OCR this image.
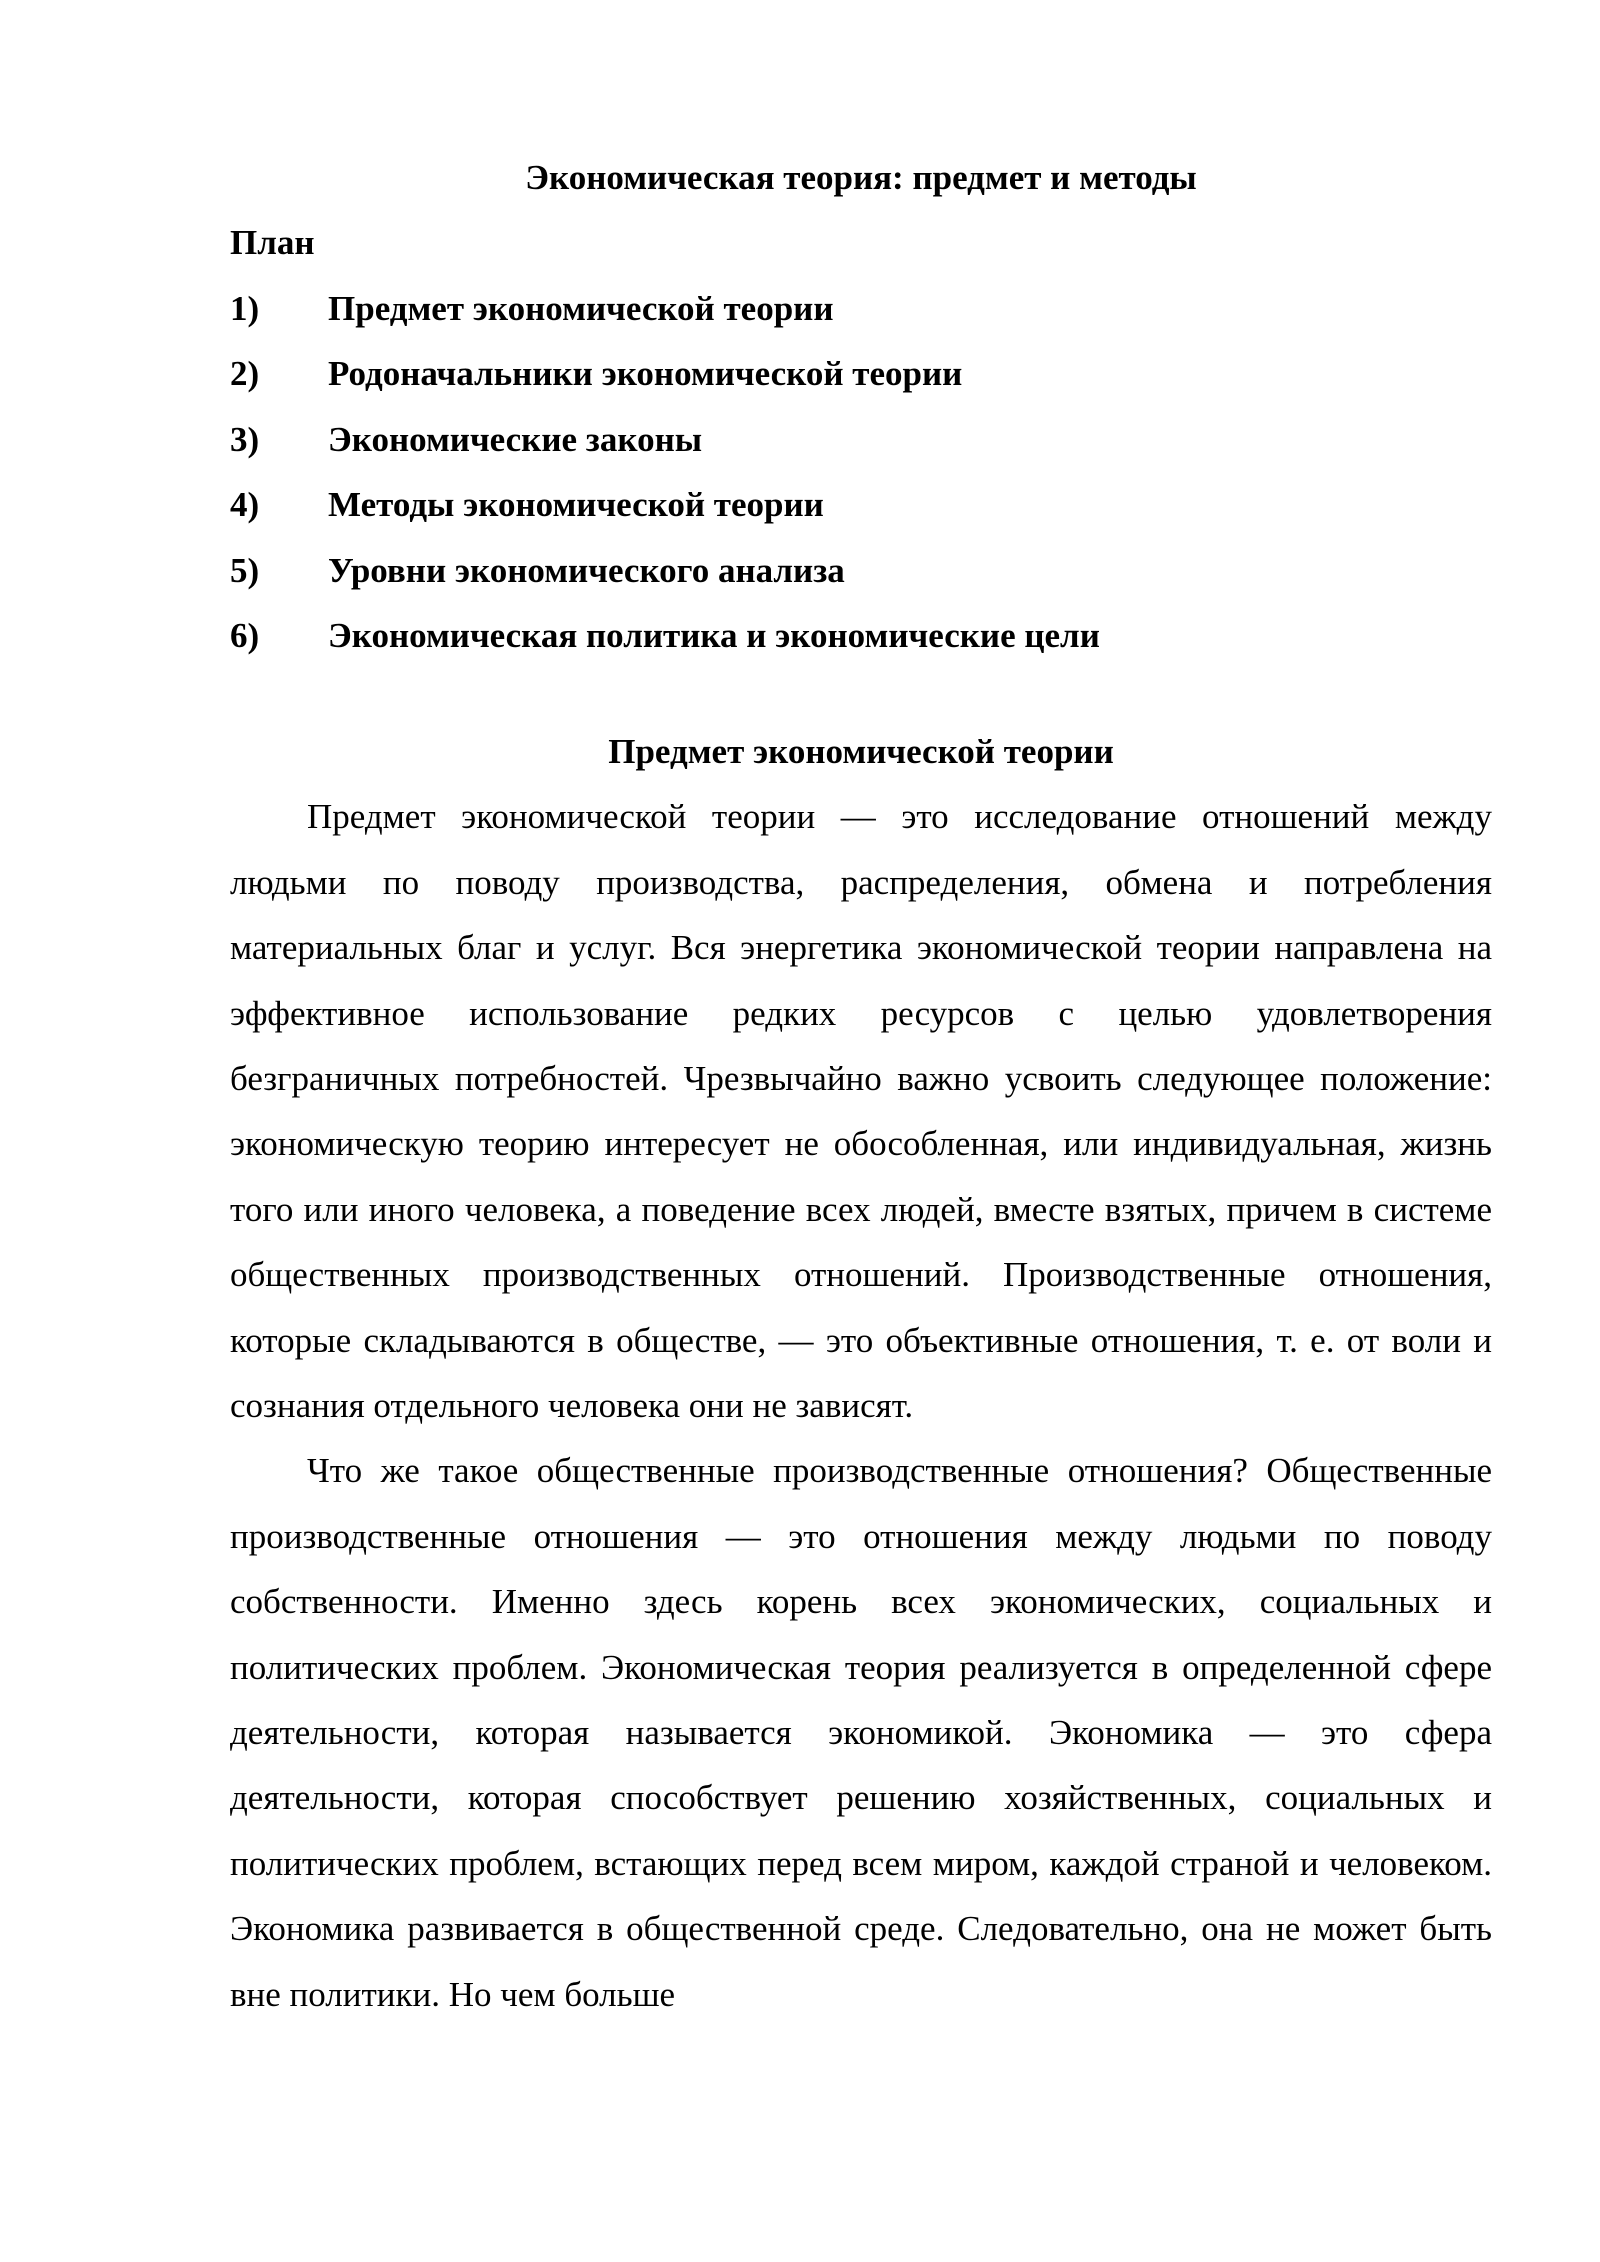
Экономическая теория: предмет и методы
План
1) Предмет экономической теории
2) Родоначальники экономической теории
3) Экономические законы
4) Методы экономической теории
5) Уровни экономического анализа
6) Экономическая политика и экономические цели
Предмет экономической теории

Предмет экономической теории — это исследование отношений между людьми по поводу производства, распределения, обмена и потребления материальных благ и услуг. Вся энергетика экономической теории направлена на эффективное использование редких ресурсов с целью удовлетворения безграничных потребностей. Чрезвычайно важно усвоить следующее положение: экономическую теорию интересует не обособленная, или индивидуальная, жизнь того или иного человека, а поведение всех людей, вместе взятых, причем в системе общественных производственных отношений. Производственные отношения, которые складываются в обществе, — это объективные отношения, т. е. от воли и сознания отдельного человека они не зависят.

Что же такое общественные производственные отношения? Общественные производственные отношения — это отношения между людьми по поводу собственности. Именно здесь корень всех экономических, социальных и политических проблем. Экономическая теория реализуется в определенной сфере деятельности, которая называется экономикой. Экономика — это сфера деятельности, которая способствует решению хозяйственных, социальных и политических проблем, встающих перед всем миром, каждой страной и человеком. Экономика развивается в общественной среде. Следовательно, она не может быть вне политики. Но чем больше
